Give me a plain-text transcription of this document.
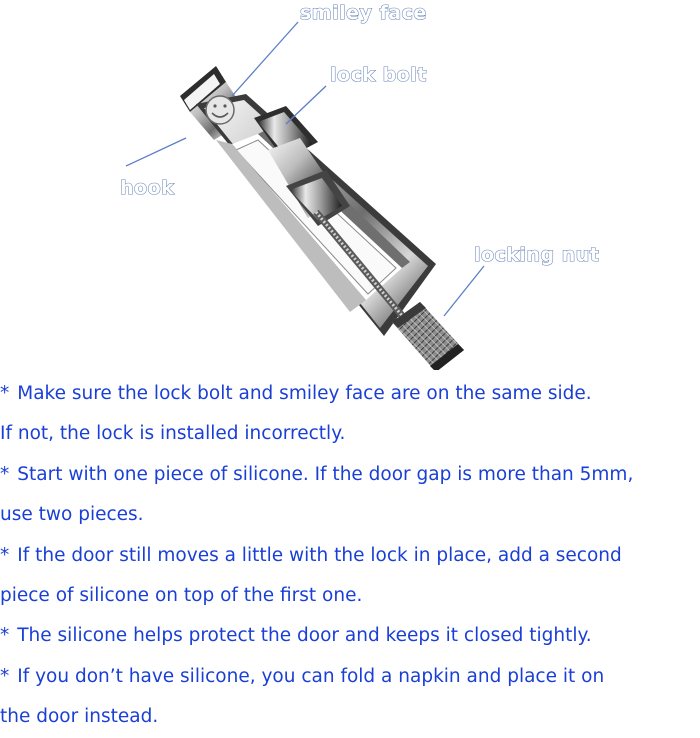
smiley face
lock bolt
hook
locking nut
* Make sure the lock bolt and smiley face are on the same side.
If not, the lock is installed incorrectly.
* Start with one piece of silicone. If the door gap is more than 5mm,
use two pieces.
* If the door still moves a little with the lock in place, add a second
piece of silicone on top of the first one.
* The silicone helps protect the door and keeps it closed tightly.
* If you don’t have silicone, you can fold a napkin and place it on
the door instead.
